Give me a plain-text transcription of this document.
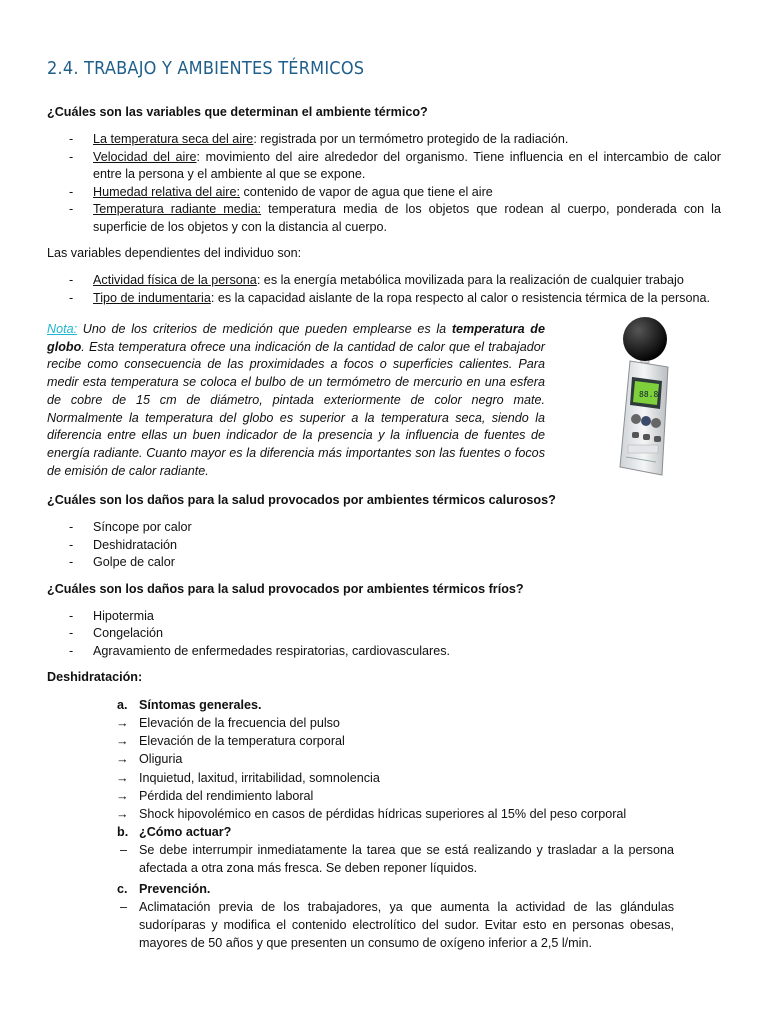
2.4. TRABAJO Y AMBIENTES TÉRMICOS

¿Cuáles son las variables que determinan el ambiente térmico?

- La temperatura seca del aire: registrada por un termómetro protegido de la radiación.
- Velocidad del aire: movimiento del aire alrededor del organismo. Tiene influencia en el intercambio de calor entre la persona y el ambiente al que se expone.
- Humedad relativa del aire: contenido de vapor de agua que tiene el aire
- Temperatura radiante media: temperatura media de los objetos que rodean al cuerpo, ponderada con la superficie de los objetos y con la distancia al cuerpo.

Las variables dependientes del individuo son:

- Actividad física de la persona: es la energía metabólica movilizada para la realización de cualquier trabajo
- Tipo de indumentaria: es la capacidad aislante de la ropa respecto al calor o resistencia térmica de la persona.
Nota: Uno de los criterios de medición que pueden emplearse es la temperatura de globo. Esta temperatura ofrece una indicación de la cantidad de calor que el trabajador recibe como consecuencia de las proximidades a focos o superficies calientes. Para medir esta temperatura se coloca el bulbo de un termómetro de mercurio en una esfera de cobre de 15 cm de diámetro, pintada exteriormente de color negro mate. Normalmente la temperatura del globo es superior a la temperatura seca, siendo la diferencia entre ellas un buen indicador de la presencia y la influencia de fuentes de energía radiante. Cuanto mayor es la diferencia más importantes son las fuentes o focos de emisión de calor radiante.
88.8

¿Cuáles son los daños para la salud provocados por ambientes térmicos calurosos?

- Síncope por calor
- Deshidratación
- Golpe de calor

¿Cuáles son los daños para la salud provocados por ambientes térmicos fríos?

- Hipotermia
- Congelación
- Agravamiento de enfermedades respiratorias, cardiovasculares.

Deshidratación:

a. Síntomas generales.
→ Elevación de la frecuencia del pulso
→ Elevación de la temperatura corporal
→ Oliguria
→ Inquietud, laxitud, irritabilidad, somnolencia
→ Pérdida del rendimiento laboral
→ Shock hipovolémico en casos de pérdidas hídricas superiores al 15% del peso corporal
b. ¿Cómo actuar?
– Se debe interrumpir inmediatamente la tarea que se está realizando y trasladar a la persona afectada a otra zona más fresca. Se deben reponer líquidos.
c. Prevención.
– Aclimatación previa de los trabajadores, ya que aumenta la actividad de las glándulas sudoríparas y modifica el contenido electrolítico del sudor. Evitar esto en personas obesas, mayores de 50 años y que presenten un consumo de oxígeno inferior a 2,5 l/min.
